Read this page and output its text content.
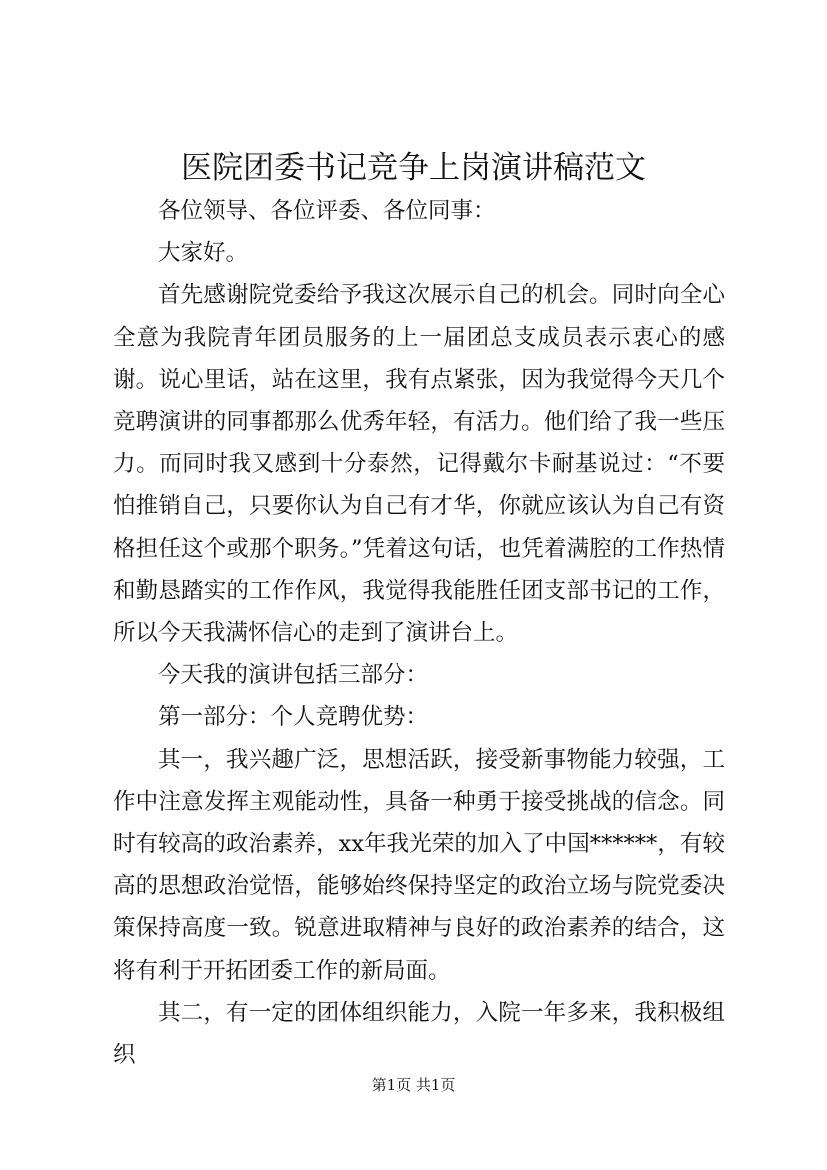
医院团委书记竞争上岗演讲稿范文

各位领导、各位评委、各位同事：

大家好。

首先感谢院党委给予我这次展示自己的机会。同时向全心全意为我院青年团员服务的上一届团总支成员表示衷心的感谢。说心里话，站在这里，我有点紧张，因为我觉得今天几个竞聘演讲的同事都那么优秀年轻，有活力。他们给了我一些压力。而同时我又感到十分泰然，记得戴尔卡耐基说过：“不要怕推销自己，只要你认为自己有才华，你就应该认为自己有资格担任这个或那个职务。”凭着这句话，也凭着满腔的工作热情和勤恳踏实的工作作风，我觉得我能胜任团支部书记的工作，所以今天我满怀信心的走到了演讲台上。

今天我的演讲包括三部分：

第一部分：个人竞聘优势：

其一，我兴趣广泛，思想活跃，接受新事物能力较强，工作中注意发挥主观能动性，具备一种勇于接受挑战的信念。同时有较高的政治素养，xx年我光荣的加入了中国******，有较高的思想政治觉悟，能够始终保持坚定的政治立场与院党委决策保持高度一致。锐意进取精神与良好的政治素养的结合，这将有利于开拓团委工作的新局面。

其二，有一定的团体组织能力，入院一年多来，我积极组织

第1页 共1页
